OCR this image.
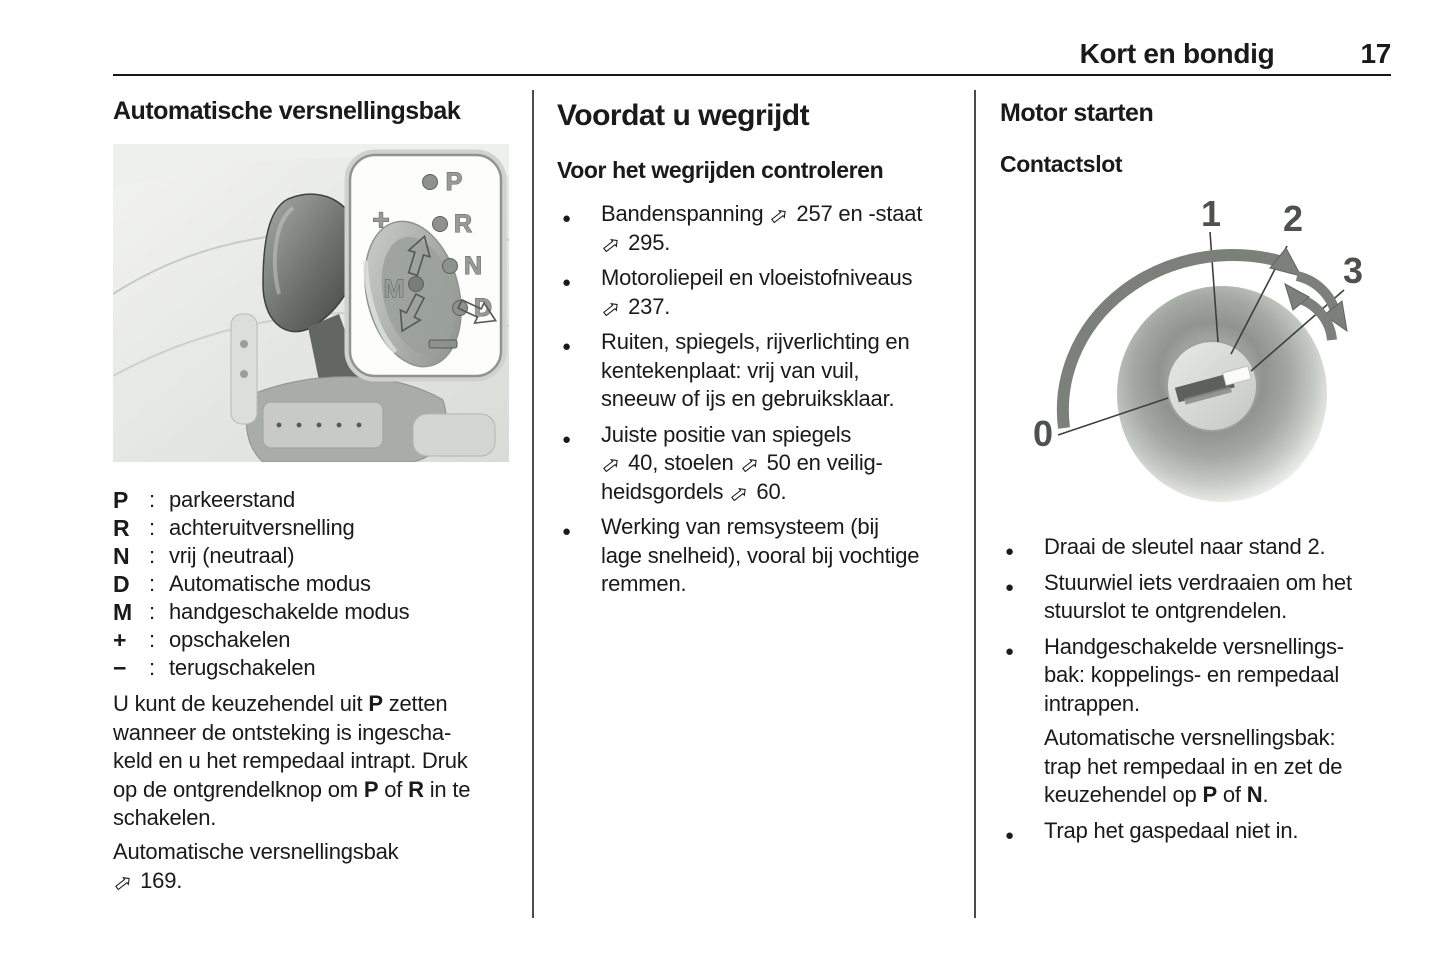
Kort en bondig	17
Automatische versnellingsbak
P
R
N
D
M
+
P : parkeerstand
R : achteruitversnelling
N : vrij (neutraal)
D : Automatische modus
M : handgeschakelde modus
+	: opschakelen
−	: terugschakelen
U kunt de keuzehendel uit P zetten
wanneer de ontsteking is ingescha-
keld en u het rempedaal intrapt. Druk
op de ontgrendelknop om P of R in te
schakelen.
Automatische versnellingsbak
⇨ 169.
Voordat u wegrijdt
Voor het wegrijden controleren
● Bandenspanning ⇨ 257 en -staat
⇨ 295.
● Motoroliepeil en vloeistofniveaus
⇨ 237.
● Ruiten, spiegels, rijverlichting en
kentekenplaat: vrij van vuil,
sneeuw of ijs en gebruiksklaar.
● Juiste positie van spiegels
⇨ 40, stoelen ⇨ 50 en veilig-
heidsgordels ⇨ 60.
● Werking van remsysteem (bij
lage snelheid), vooral bij vochtige
remmen.
Motor starten
Contactslot
1 2
3
0
● Draai de sleutel naar stand 2.
● Stuurwiel iets verdraaien om het
stuurslot te ontgrendelen.
● Handgeschakelde versnellings-
bak: koppelings- en rempedaal
intrappen.
Automatische versnellingsbak:
trap het rempedaal in en zet de
keuzehendel op P of N.
● Trap het gaspedaal niet in.
